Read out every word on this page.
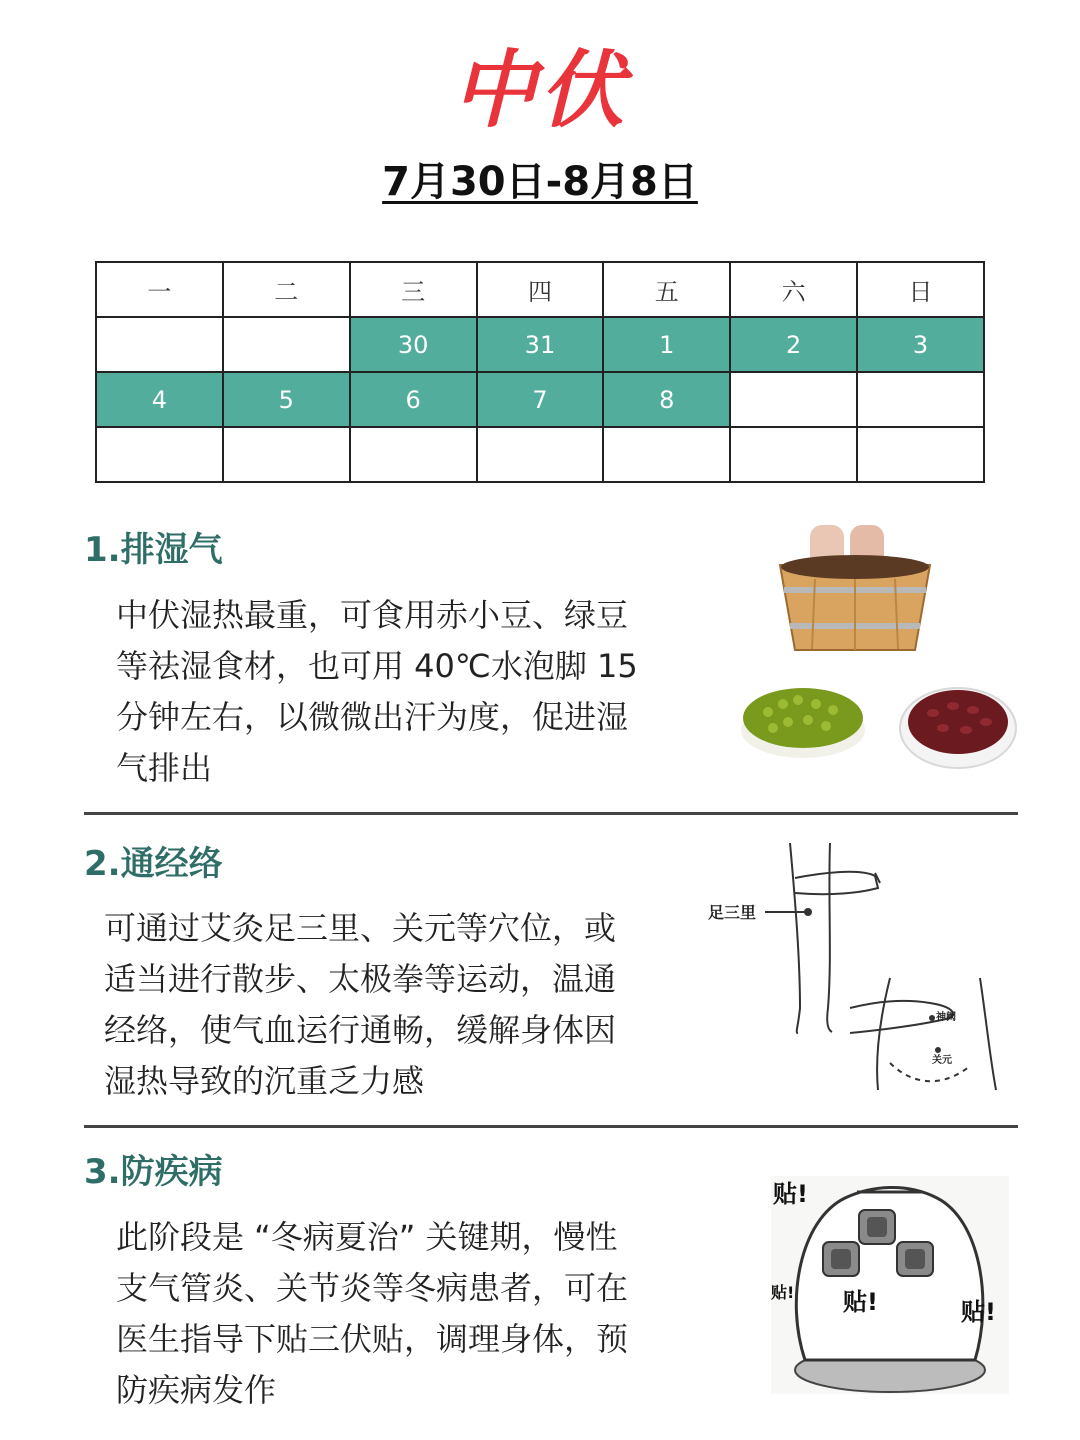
中伏
7月30日-8月8日
一	二	三	四	五	六	日
		30	31	1	2	3
4	5	6	7	8		

1.排湿气
中伏湿热最重，可食用赤小豆、绿豆
等祛湿食材，也可用 40℃水泡脚 15
分钟左右，以微微出汗为度，促进湿
气排出
2.通经络
可通过艾灸足三里、关元等穴位，或
适当进行散步、太极拳等运动，温通
经络，使气血运行通畅，缓解身体因
湿热导致的沉重乏力感
足三里
神阙
关元
3.防疾病
此阶段是 “冬病夏治” 关键期，慢性
支气管炎、关节炎等冬病患者，可在
医生指导下贴三伏贴，调理身体，预
防疾病发作
贴!
贴! 贴!	贴!
